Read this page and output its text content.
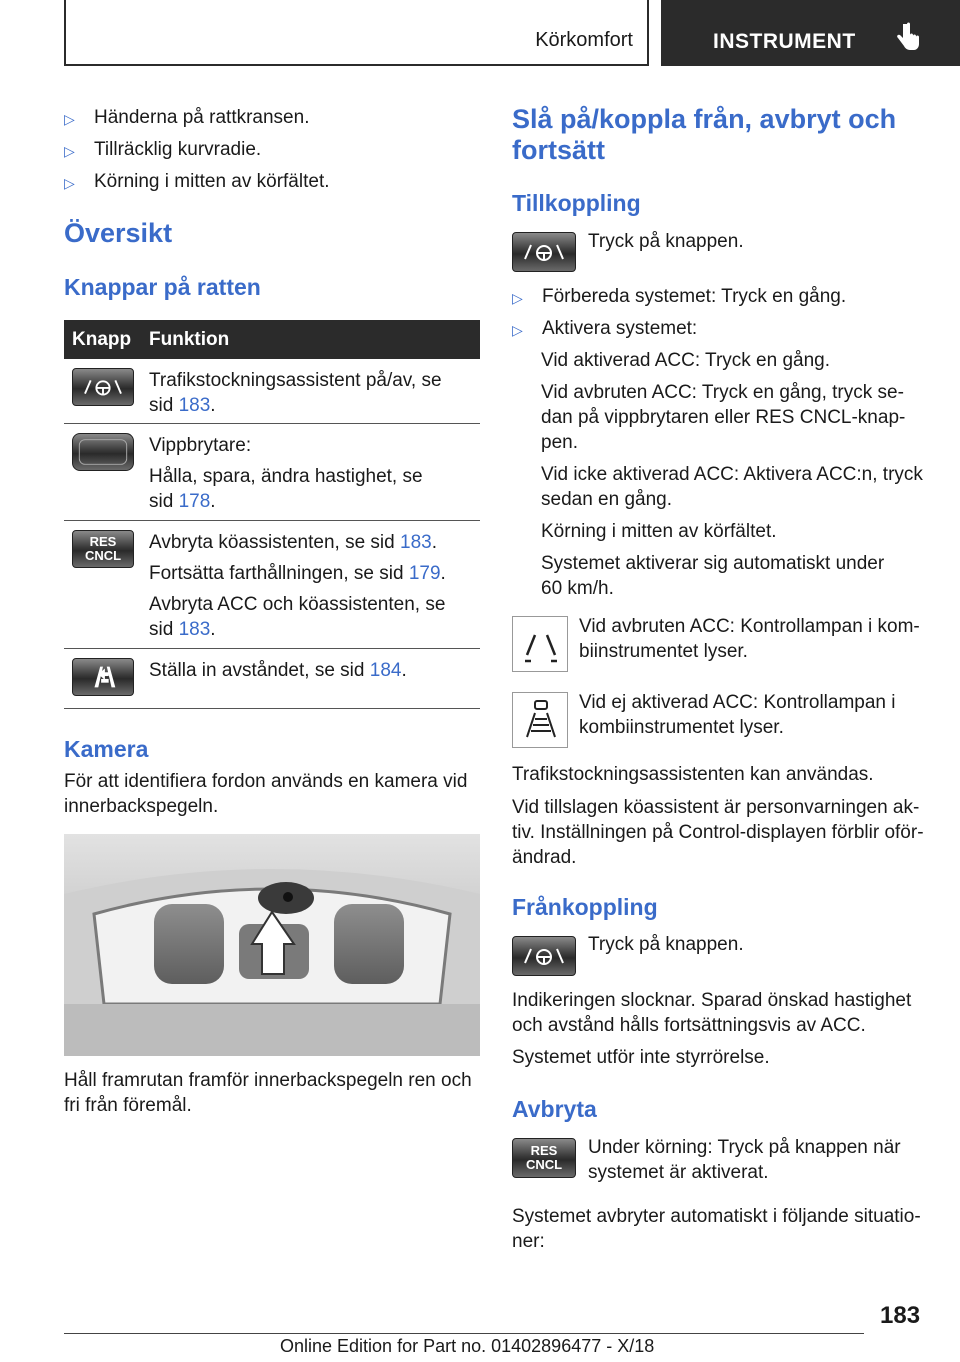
Körkomfort	INSTRUMENT
▷ Händerna på rattkransen.
▷ Tillräcklig kurvradie.
▷ Körning i mitten av körfältet.
Översikt
Knappar på ratten
Knapp Funktion
Trafikstockningsassistent på/av, se
sid 183.
Vippbrytare:

Hålla, spara, ändra hastighet, se
sid 178.
RES
CNCL
Avbryta köassistenten, se sid 183.
Fortsätta farthållningen, se sid 179.
Avbryta ACC och köassistenten, se
sid 183.
Ställa in avståndet, se sid 184.
Kamera
För att identifiera fordon används en kamera vid
innerbackspegeln.
Håll framrutan framför innerbackspegeln ren och
fri från föremål.
Slå på/koppla från, avbryt och
fortsätt
Tillkoppling
Tryck på knappen.
▷ Förbereda systemet: Tryck en gång.
▷ Aktivera systemet:
Vid aktiverad ACC: Tryck en gång.

Vid avbruten ACC: Tryck en gång, tryck se-
dan på vippbrytaren eller RES CNCL-knap-
pen.

Vid icke aktiverad ACC: Aktivera ACC:n, tryck
sedan en gång.

Körning i mitten av körfältet.

Systemet aktiverar sig automatiskt under
60 km/h.
Vid avbruten ACC: Kontrollampan i kom-
biinstrumentet lyser.
Vid ej aktiverad ACC: Kontrollampan i
kombiinstrumentet lyser.
Trafikstockningsassistenten kan användas.
Vid tillslagen köassistent är personvarningen ak-
tiv. Inställningen på Control-displayen förblir oför-
ändrad.
Frånkoppling
Tryck på knappen.
Indikeringen slocknar. Sparad önskad hastighet
och avstånd hålls fortsättningsvis av ACC.

Systemet utför inte styrrörelse.
Avbryta
RES
CNCL
Under körning: Tryck på knappen när
systemet är aktiverat.
Systemet avbryter automatiskt i följande situatio-
ner:
183
Online Edition for Part no. 01402896477 - X/18
